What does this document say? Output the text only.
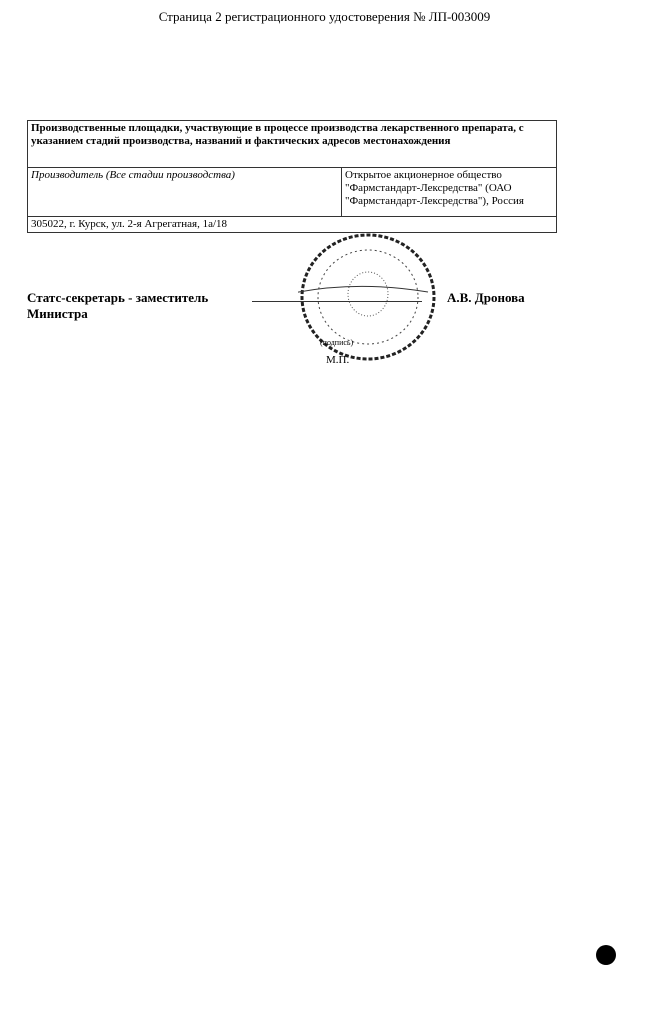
Страница 2 регистрационного удостоверения № ЛП-003009
Производственные площадки, участвующие в процессе производства лекарственного препарата, с указанием стадий производства, названий и фактических адресов местонахождения
Производитель (Все стадии производства)	Открытое акционерное общество "Фармстандарт-Лексредства" (ОАО "Фармстандарт-Лексредства"), Россия
305022, г. Курск, ул. 2-я Агрегатная, 1а/18
Статс-секретарь - заместитель Министра
А.В. Дронова
(подпись)
М.П.
